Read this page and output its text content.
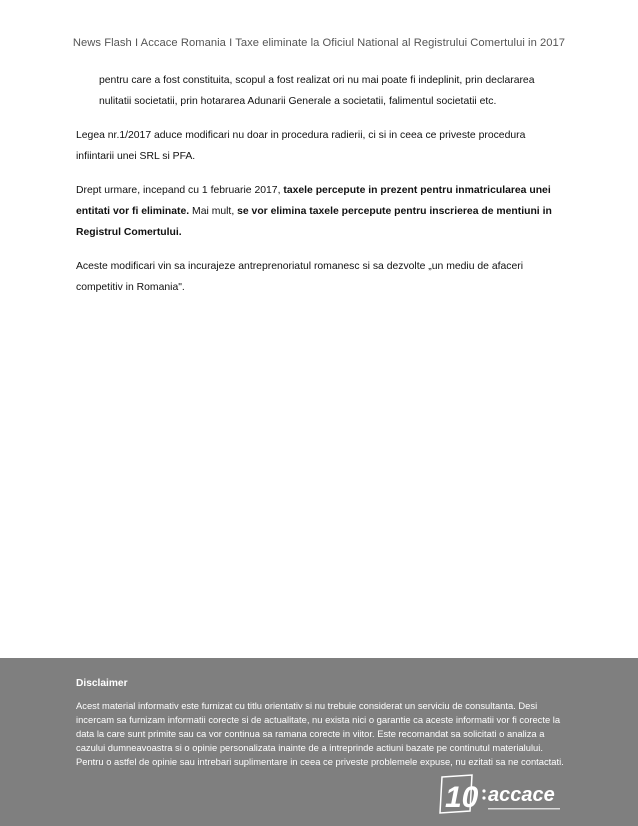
News Flash I Accace Romania I Taxe eliminate la Oficiul National al Registrului Comertului in 2017

pentru care a fost constituita, scopul a fost realizat ori nu mai poate fi indeplinit, prin declararea

nulitatii societatii, prin hotararea Adunarii Generale a societatii, falimentul societatii etc.

Legea nr.1/2017 aduce modificari nu doar in procedura radierii, ci si in ceea ce priveste procedura infiintarii unei SRL si PFA.

Drept urmare, incepand cu 1 februarie 2017, taxele percepute in prezent pentru inmatricularea unei entitati vor fi eliminate. Mai mult, se vor elimina taxele percepute pentru inscrierea de mentiuni in Registrul Comertului.

Aceste modificari vin sa incurajeze antreprenoriatul romanesc si sa dezvolte „un mediu de afaceri competitiv in Romania".

Disclaimer
Acest material informativ este furnizat cu titlu orientativ si nu trebuie considerat un serviciu de consultanta. Desi incercam sa furnizam informatii corecte si de actualitate, nu exista nici o garantie ca aceste informatii vor fi corecte la data la care sunt primite sau ca vor continua sa ramana corecte in viitor. Este recomandat sa solicitati o analiza a cazului dumneavoastra si o opinie personalizata inainte de a intreprinde actiuni bazate pe continutul materialului. Pentru o astfel de opinie sau intrebari suplimentare in ceea ce priveste problemele expuse, nu ezitati sa ne contactati.
10 accace
